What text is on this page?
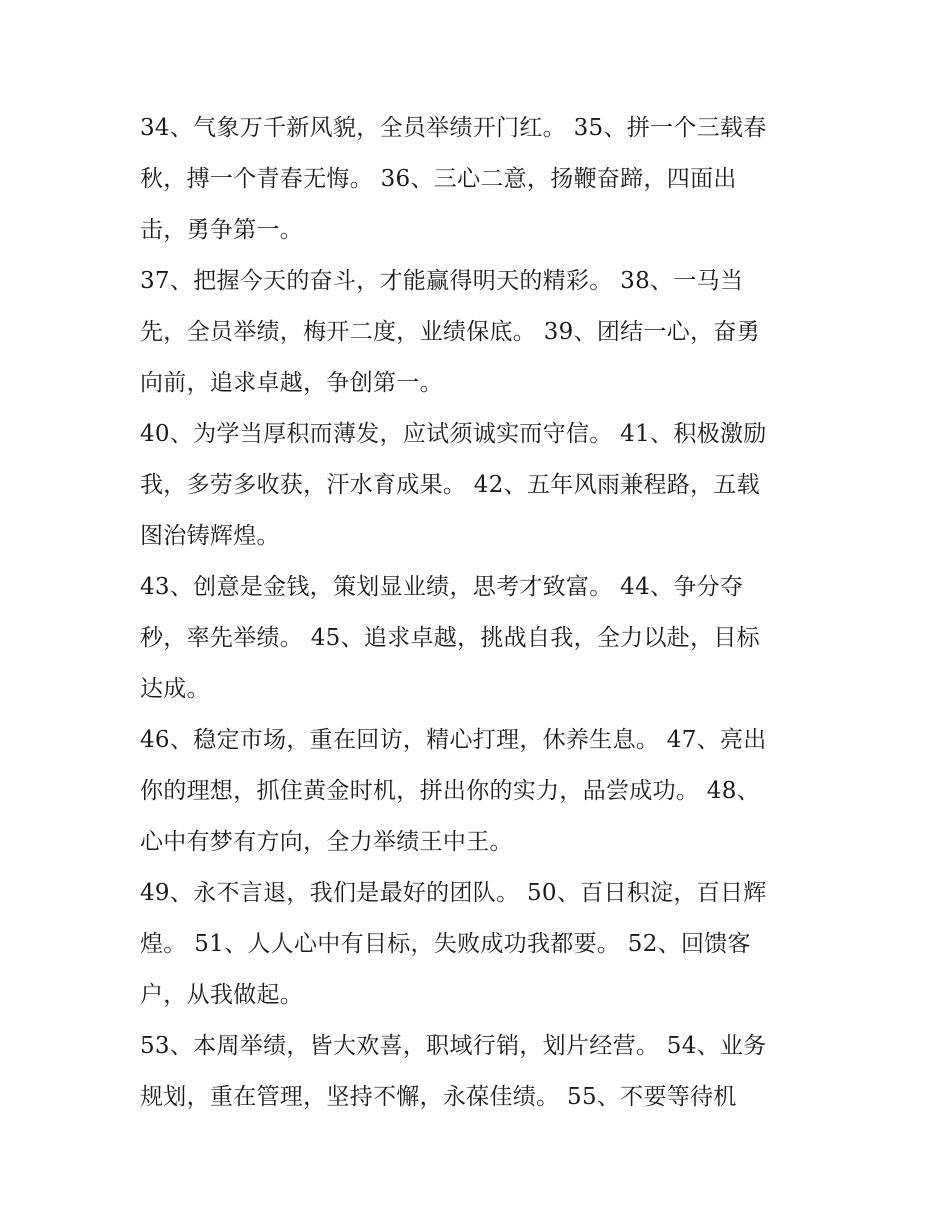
34、气象万千新风貌，全员举绩开门红。 35、拼一个三载春
秋，搏一个青春无悔。 36、三心二意，扬鞭奋蹄，四面出
击，勇争第一。
37、把握今天的奋斗，才能赢得明天的精彩。 38、一马当
先，全员举绩，梅开二度，业绩保底。 39、团结一心，奋勇
向前，追求卓越，争创第一。
40、为学当厚积而薄发，应试须诚实而守信。 41、积极激励
我，多劳多收获，汗水育成果。 42、五年风雨兼程路，五载
图治铸辉煌。
43、创意是金钱，策划显业绩，思考才致富。 44、争分夺
秒，率先举绩。 45、追求卓越，挑战自我，全力以赴，目标
达成。
46、稳定市场，重在回访，精心打理，休养生息。 47、亮出
你的理想，抓住黄金时机，拼出你的实力，品尝成功。 48、
心中有梦有方向，全力举绩王中王。
49、永不言退，我们是最好的团队。 50、百日积淀，百日辉
煌。 51、人人心中有目标，失败成功我都要。 52、回馈客
户，从我做起。
53、本周举绩，皆大欢喜，职域行销，划片经营。 54、业务
规划，重在管理，坚持不懈，永葆佳绩。 55、不要等待机
